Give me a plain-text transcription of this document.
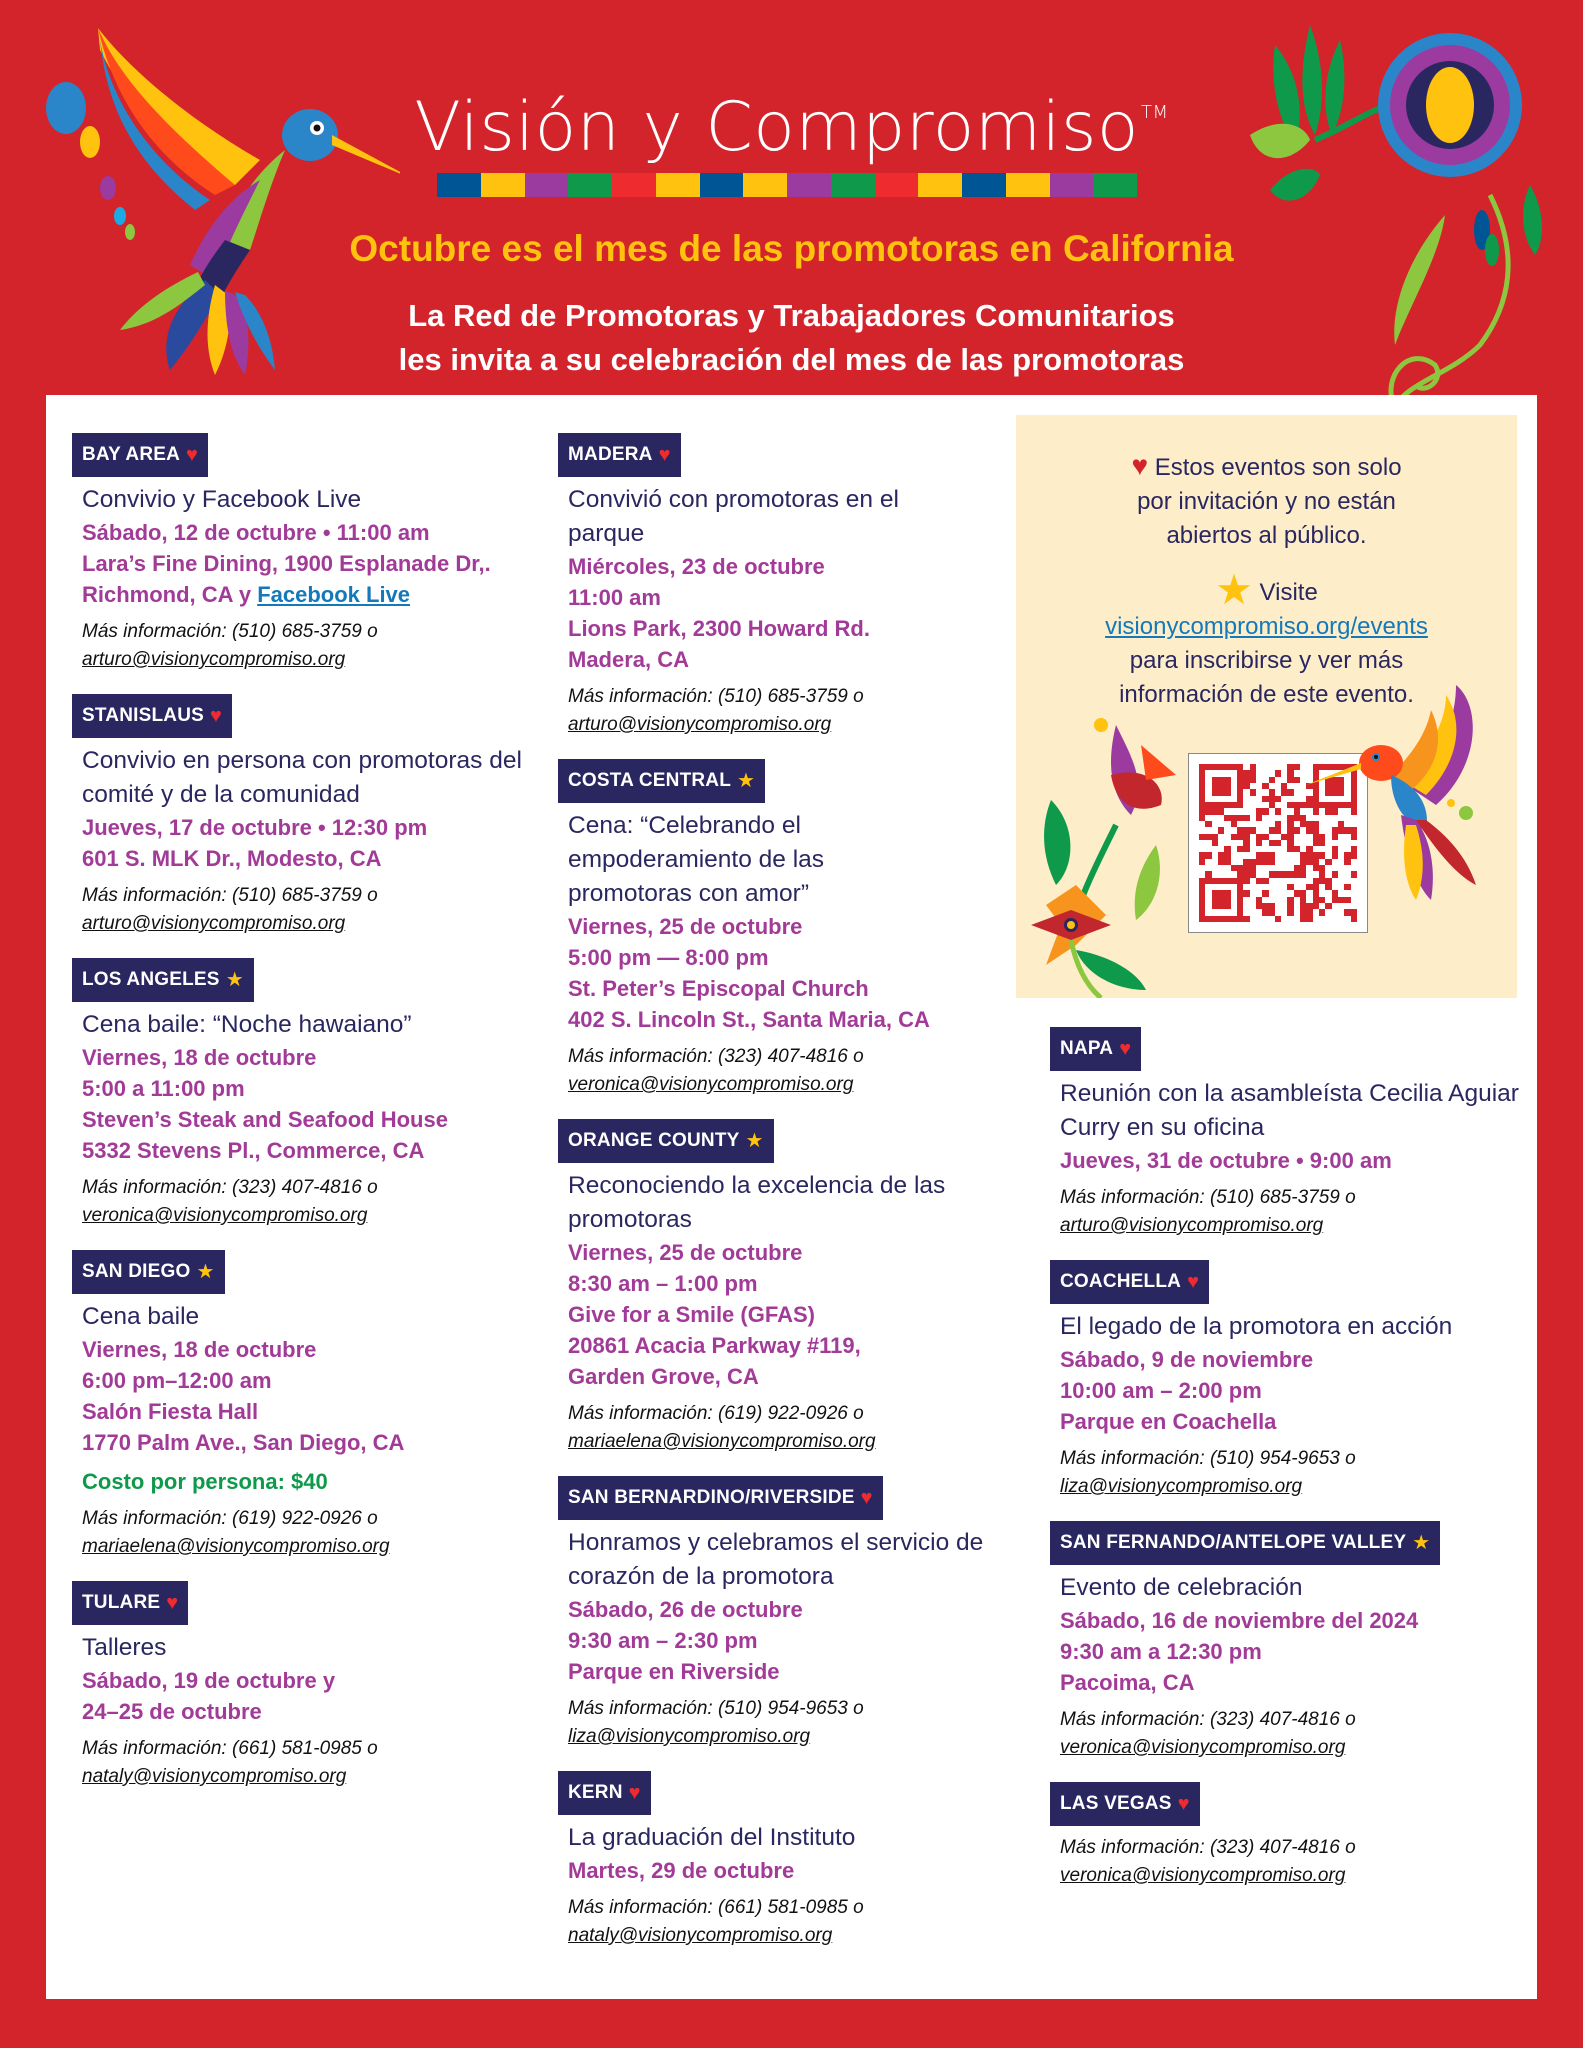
Visión y Compromiso ™
Octubre es el mes de las promotoras en California
La Red de Promotoras y Trabajadores Comunitarios
les invita a su celebración del mes de las promotoras
BAY AREA ♥
Convivio y Facebook Live
Sábado, 12 de octubre • 11:00 am
Lara’s Fine Dining, 1900 Esplanade Dr,.
Richmond, CA y Facebook Live
Más información: (510) 685-3759 o
arturo@visionycompromiso.org
STANISLAUS ♥
Convivio en persona con promotoras del comité y de la comunidad
Jueves, 17 de octubre • 12:30 pm
601 S. MLK Dr., Modesto, CA
Más información: (510) 685-3759 o
arturo@visionycompromiso.org
LOS ANGELES ★
Cena baile: “Noche hawaiano”
Viernes, 18 de octubre
5:00 a 11:00 pm
Steven’s Steak and Seafood House
5332 Stevens Pl., Commerce, CA
Más información: (323) 407-4816 o
veronica@visionycompromiso.org
SAN DIEGO ★
Cena baile
Viernes, 18 de octubre
6:00 pm–12:00 am
Salón Fiesta Hall
1770 Palm Ave., San Diego, CA
Costo por persona: $40
Más información: (619) 922-0926 o
mariaelena@visionycompromiso.org
TULARE ♥
Talleres
Sábado, 19 de octubre y
24–25 de octubre
Más información: (661) 581-0985 o
nataly@visionycompromiso.org
MADERA ♥
Convivió con promotoras en el parque
Miércoles, 23 de octubre
11:00 am
Lions Park, 2300 Howard Rd.
Madera, CA
Más información: (510) 685-3759 o
arturo@visionycompromiso.org
COSTA CENTRAL ★
Cena: “Celebrando el empoderamiento de las promotoras con amor”
Viernes, 25 de octubre
5:00 pm — 8:00 pm
St. Peter’s Episcopal Church
402 S. Lincoln St., Santa Maria, CA
Más información: (323) 407-4816 o
veronica@visionycompromiso.org
ORANGE COUNTY ★
Reconociendo la excelencia de las promotoras
Viernes, 25 de octubre
8:30 am – 1:00 pm
Give for a Smile (GFAS)
20861 Acacia Parkway #119,
Garden Grove, CA
Más información: (619) 922-0926 o
mariaelena@visionycompromiso.org
SAN BERNARDINO/RIVERSIDE ♥
Honramos y celebramos el servicio de corazón de la promotora
Sábado, 26 de octubre
9:30 am – 2:30 pm
Parque en Riverside
Más información: (510) 954-9653 o
liza@visionycompromiso.org
KERN ♥
La graduación del Instituto
Martes, 29 de octubre
Más información: (661) 581-0985 o
nataly@visionycompromiso.org
♥ Estos eventos son solo
por invitación y no están
abiertos al público.
★ Visite
visionycompromiso.org/events
para inscribirse y ver más
información de este evento.
NAPA ♥
Reunión con la asambleísta Cecilia Aguiar Curry en su oficina
Jueves, 31 de octubre • 9:00 am
Más información: (510) 685-3759 o
arturo@visionycompromiso.org
COACHELLA ♥
El legado de la promotora en acción
Sábado, 9 de noviembre
10:00 am – 2:00 pm
Parque en Coachella
Más información: (510) 954-9653 o
liza@visionycompromiso.org
SAN FERNANDO/ANTELOPE VALLEY ★
Evento de celebración
Sábado, 16 de noviembre del 2024
9:30 am a 12:30 pm
Pacoima, CA
Más información: (323) 407-4816 o
veronica@visionycompromiso.org
LAS VEGAS ♥
Más información: (323) 407-4816 o
veronica@visionycompromiso.org
